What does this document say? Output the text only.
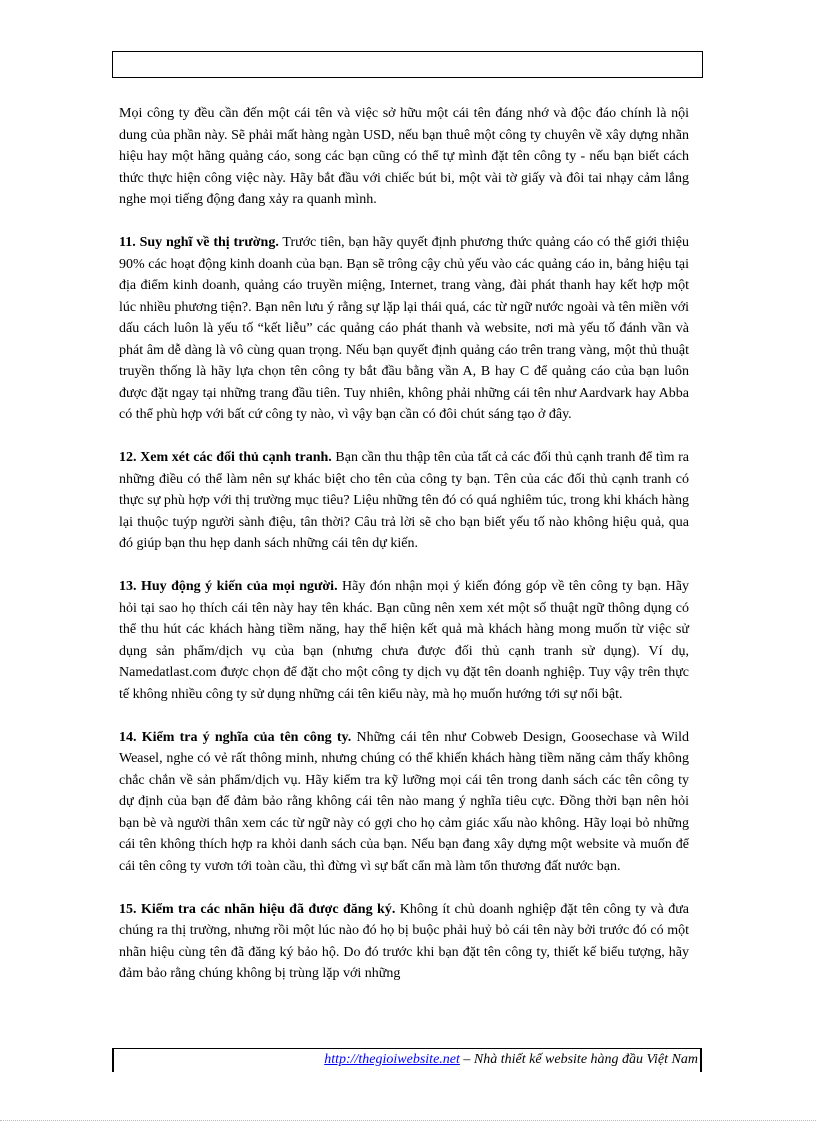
Mọi công ty đều cần đến một cái tên và việc sở hữu một cái tên đáng nhớ và độc đáo chính là nội dung của phần này. Sẽ phải mất hàng ngàn USD, nếu bạn thuê một công ty chuyên về xây dựng nhãn hiệu hay một hãng quảng cáo, song các bạn cũng có thể tự mình đặt tên công ty - nếu bạn biết cách thức thực hiện công việc này. Hãy bắt đầu với chiếc bút bi, một vài tờ giấy và đôi tai nhạy cảm lắng nghe mọi tiếng động đang xảy ra quanh mình.

11. Suy nghĩ về thị trường. Trước tiên, bạn hãy quyết định phương thức quảng cáo có thể giới thiệu 90% các hoạt động kinh doanh của bạn. Bạn sẽ trông cậy chủ yếu vào các quảng cáo in, bảng hiệu tại địa điểm kinh doanh, quảng cáo truyền miệng, Internet, trang vàng, đài phát thanh hay kết hợp một lúc nhiều phương tiện?. Bạn nên lưu ý rằng sự lặp lại thái quá, các từ ngữ nước ngoài và tên miền với dấu cách luôn là yếu tố “kết liễu” các quảng cáo phát thanh và website, nơi mà yếu tố đánh vần và phát âm dễ dàng là vô cùng quan trọng. Nếu bạn quyết định quảng cáo trên trang vàng, một thủ thuật truyền thống là hãy lựa chọn tên công ty bắt đầu bằng vần A, B hay C để quảng cáo của bạn luôn được đặt ngay tại những trang đầu tiên. Tuy nhiên, không phải những cái tên như Aardvark hay Abba có thể phù hợp với bất cứ công ty nào, vì vậy bạn cần có đôi chút sáng tạo ở đây.

12. Xem xét các đối thủ cạnh tranh. Bạn cần thu thập tên của tất cả các đối thủ cạnh tranh để tìm ra những điều có thể làm nên sự khác biệt cho tên của công ty bạn. Tên của các đối thủ cạnh tranh có thực sự phù hợp với thị trường mục tiêu? Liệu những tên đó có quá nghiêm túc, trong khi khách hàng lại thuộc tuýp người sành điệu, tân thời? Câu trả lời sẽ cho bạn biết yếu tố nào không hiệu quả, qua đó giúp bạn thu hẹp danh sách những cái tên dự kiến.

13. Huy động ý kiến của mọi người. Hãy đón nhận mọi ý kiến đóng góp về tên công ty bạn. Hãy hỏi tại sao họ thích cái tên này hay tên khác. Bạn cũng nên xem xét một số thuật ngữ thông dụng có thể thu hút các khách hàng tiềm năng, hay thể hiện kết quả mà khách hàng mong muốn từ việc sử dụng sản phẩm/dịch vụ của bạn (nhưng chưa được đối thủ cạnh tranh sử dụng). Ví dụ, Namedatlast.com được chọn để đặt cho một công ty dịch vụ đặt tên doanh nghiệp. Tuy vậy trên thực tế không nhiều công ty sử dụng những cái tên kiểu này, mà họ muốn hướng tới sự nổi bật.

14. Kiểm tra ý nghĩa của tên công ty. Những cái tên như Cobweb Design, Goosechase và Wild Weasel, nghe có vẻ rất thông minh, nhưng chúng có thể khiến khách hàng tiềm năng cảm thấy không chắc chắn về sản phẩm/dịch vụ. Hãy kiểm tra kỹ lưỡng mọi cái tên trong danh sách các tên công ty dự định của bạn để đảm bảo rằng không cái tên nào mang ý nghĩa tiêu cực. Đồng thời bạn nên hỏi bạn bè và người thân xem các từ ngữ này có gợi cho họ cảm giác xấu nào không. Hãy loại bỏ những cái tên không thích hợp ra khỏi danh sách của bạn. Nếu bạn đang xây dựng một website và muốn để cái tên công ty vươn tới toàn cầu, thì đừng vì sự bất cẩn mà làm tổn thương đất nước bạn.

15. Kiểm tra các nhãn hiệu đã được đăng ký. Không ít chủ doanh nghiệp đặt tên công ty và đưa chúng ra thị trường, nhưng rồi một lúc nào đó họ bị buộc phải huỷ bỏ cái tên này bởi trước đó có một nhãn hiệu cùng tên đã đăng ký bảo hộ. Do đó trước khi bạn đặt tên công ty, thiết kế biểu tượng, hãy đảm bảo rằng chúng không bị trùng lặp với những

http://thegioiwebsite.net – Nhà thiết kế website hàng đầu Việt Nam
